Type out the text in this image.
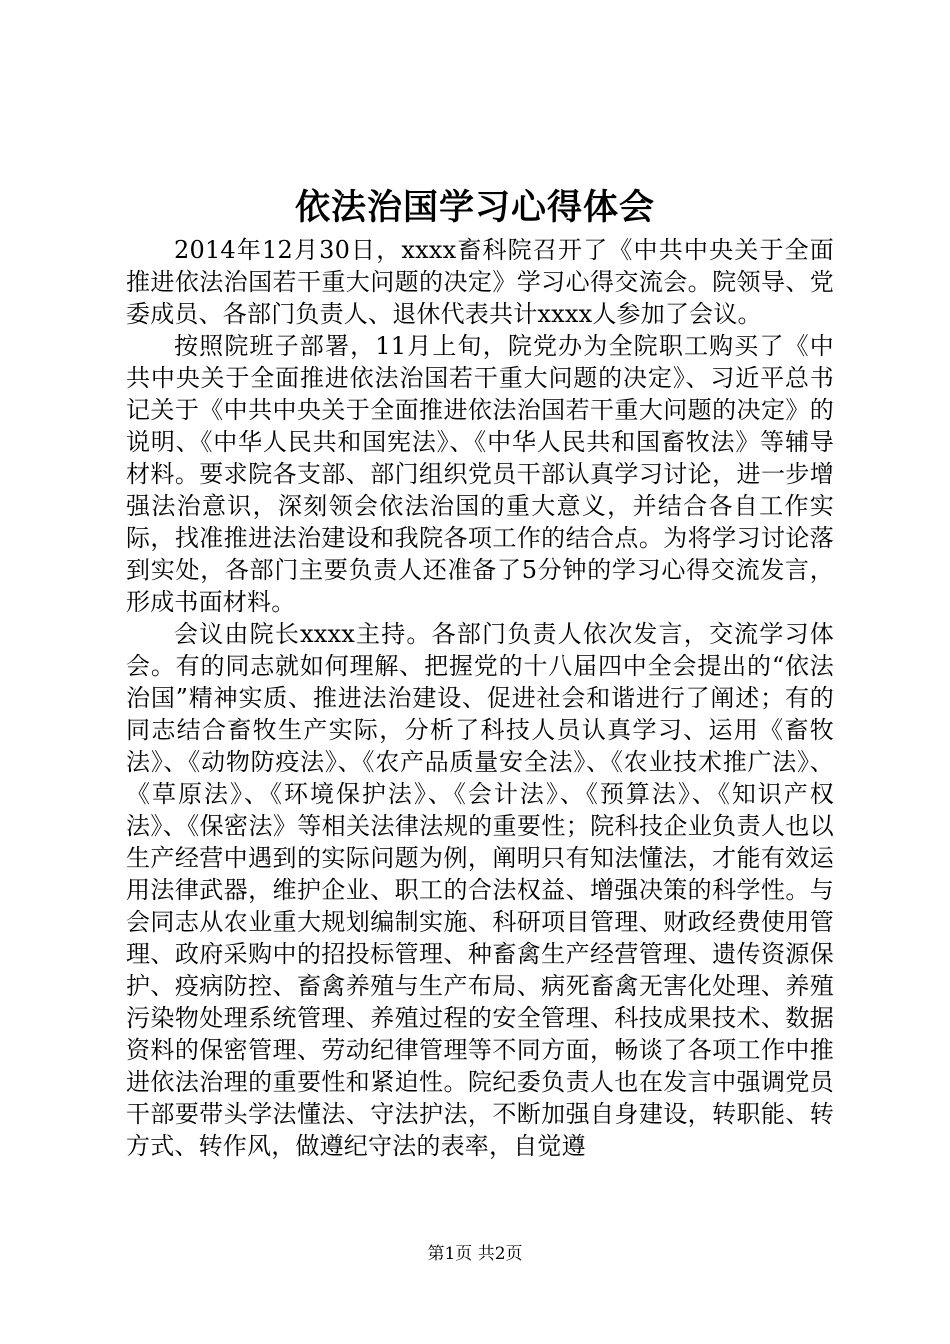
依法治国学习心得体会

2014年12月30日，xxxx畜科院召开了《中共中央关于全面推进依法治国若干重大问题的决定》学习心得交流会。院领导、党委成员、各部门负责人、退休代表共计xxxx人参加了会议。

按照院班子部署，11月上旬，院党办为全院职工购买了《中共中央关于全面推进依法治国若干重大问题的决定》、习近平总书记关于《中共中央关于全面推进依法治国若干重大问题的决定》的说明、《中华人民共和国宪法》、《中华人民共和国畜牧法》等辅导材料。要求院各支部、部门组织党员干部认真学习讨论，进一步增强法治意识，深刻领会依法治国的重大意义，并结合各自工作实际，找准推进法治建设和我院各项工作的结合点。为将学习讨论落到实处，各部门主要负责人还准备了5分钟的学习心得交流发言，形成书面材料。

会议由院长xxxx主持。各部门负责人依次发言，交流学习体会。有的同志就如何理解、把握党的十八届四中全会提出的“依法治国”精神实质、推进法治建设、促进社会和谐进行了阐述；有的同志结合畜牧生产实际，分析了科技人员认真学习、运用《畜牧法》、《动物防疫法》、《农产品质量安全法》、《农业技术推广法》、《草原法》、《环境保护法》、《会计法》、《预算法》、《知识产权法》、《保密法》等相关法律法规的重要性；院科技企业负责人也以生产经营中遇到的实际问题为例，阐明只有知法懂法，才能有效运用法律武器，维护企业、职工的合法权益、增强决策的科学性。与会同志从农业重大规划编制实施、科研项目管理、财政经费使用管理、政府采购中的招投标管理、种畜禽生产经营管理、遗传资源保护、疫病防控、畜禽养殖与生产布局、病死畜禽无害化处理、养殖污染物处理系统管理、养殖过程的安全管理、科技成果技术、数据资料的保密管理、劳动纪律管理等不同方面，畅谈了各项工作中推进依法治理的重要性和紧迫性。院纪委负责人也在发言中强调党员干部要带头学法懂法、守法护法，不断加强自身建设，转职能、转方式、转作风，做遵纪守法的表率，自觉遵

第1页 共2页
